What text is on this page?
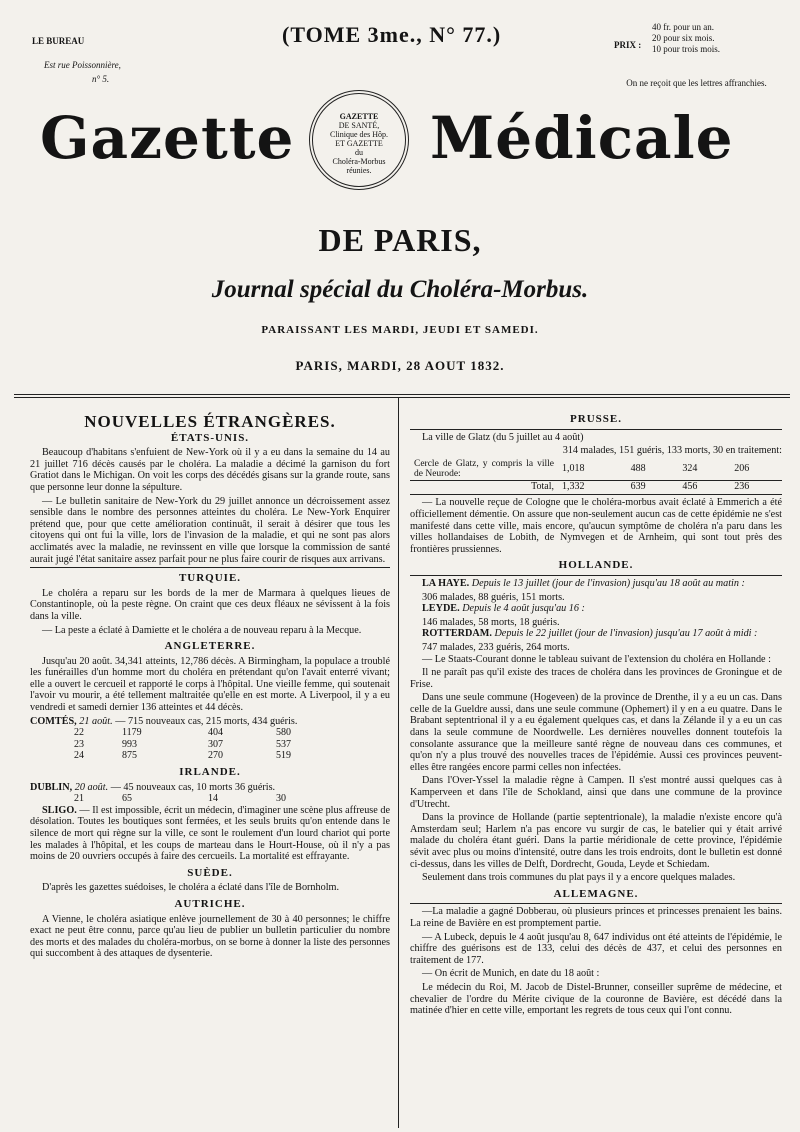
LE BUREAU
Est rue Poissonnière,
n° 5.
(TOME 3me., N° 77.)	PRIX :
40 fr. pour un an.
20 pour six mois.
10 pour trois mois.
On ne reçoit que les lettres affranchies.
Gazette	GAZETTE
DE SANTÉ,
Clinique des Hôp.
ET GAZETTE
du
Choléra-Morbus
réunies.	Médicale
DE PARIS,
Journal spécial du Choléra-Morbus.
PARAISSANT LES MARDI, JEUDI ET SAMEDI.
PARIS, MARDI, 28 AOUT 1832.
NOUVELLES ÉTRANGÈRES.
ÉTATS-UNIS.

Beaucoup d'habitans s'enfuient de New-York où il y a eu dans la semaine du 14 au 21 juillet 716 décès causés par le choléra. La maladie a décimé la garnison du fort Gratiot dans le Michigan. On voit les corps des décédés gisans sur la grande route, sans que personne leur donne la sépulture.

— Le bulletin sanitaire de New-York du 29 juillet annonce un décroissement assez sensible dans le nombre des personnes atteintes du choléra. Le New-York Enquirer prétend que, pour que cette amélioration continuât, il serait à désirer que tous les citoyens qui ont fui la ville, lors de l'invasion de la maladie, et qui ne sont pas alors acclimatés avec la maladie, ne revinssent en ville que lorsque la commission de santé aurait jugé l'état sanitaire assez parfait pour ne plus faire courir de risques aux arrivans.

TURQUIE.

Le choléra a reparu sur les bords de la mer de Marmara à quelques lieues de Constantinople, où la peste règne. On craint que ces deux fléaux ne sévissent à la fois dans la ville.

— La peste a éclaté à Damiette et le choléra a de nouveau reparu à la Mecque.

ANGLETERRE.

Jusqu'au 20 août. 34,341 atteints, 12,786 décès. A Birmingham, la populace a troublé les funérailles d'un homme mort du choléra en prétendant qu'on l'avait enterré vivant; elle a ouvert le cercueil et rapporté le corps à l'hôpital. Une vieille femme, qui soutenait l'avoir vu mourir, a été tellement maltraitée qu'elle en est morte. A Liverpool, il y a eu vendredi et samedi dernier 136 atteintes et 44 décès.

COMTÉS, 21 août. — 715 nouveaux cas, 215 morts, 434 guéris.
22	1179	404	580
23	993	307	537
24	875	270	519
IRLANDE.
DUBLIN, 20 août. — 45 nouveaux cas, 10 morts 36 guéris.
21	65	14	30

SLIGO. — Il est impossible, écrit un médecin, d'imaginer une scène plus affreuse de désolation. Toutes les boutiques sont fermées, et les seuls bruits qu'on entende dans le silence de mort qui règne sur la ville, ce sont le roulement d'un lourd chariot qui porte les malades à l'hôpital, et les coups de marteau dans le Hourt-House, où il n'y a pas moins de 20 ouvriers occupés à faire des cercueils. La mortalité est effrayante.

SUÈDE.

D'après les gazettes suédoises, le choléra a éclaté dans l'île de Bornholm.

AUTRICHE.

A Vienne, le choléra asiatique enlève journellement de 30 à 40 personnes; le chiffre exact ne peut être connu, parce qu'au lieu de publier un bulletin particulier du nombre des morts et des malades du choléra-morbus, on se borne à donner la liste des personnes qui succombent à des attaques de dysenterie.

PRUSSE.

La ville de Glatz (du 5 juillet au 4 août)

314 malades, 151 guéris, 133 morts, 30 en traitement:
Cercle de Glatz, y compris la ville de Neurode:	1,018	488	324	206
Total,	1,332	639	456	236

— La nouvelle reçue de Cologne que le choléra-morbus avait éclaté à Emmerich a été officiellement démentie. On assure que non-seulement aucun cas de cette épidémie ne s'est manifesté dans cette ville, mais encore, qu'aucun symptôme de choléra n'a paru dans les villes hollandaises de Lobith, de Nymvegen et de Arnheim, qui sont tout près des frontières prussiennes.

HOLLANDE.

LA HAYE. Depuis le 13 juillet (jour de l'invasion) jusqu'au 18 août au matin :

306 malades, 88 guéris, 151 morts.

LEYDE. Depuis le 4 août jusqu'au 16 :

146 malades, 58 morts, 18 guéris.

ROTTERDAM. Depuis le 22 juillet (jour de l'invasion) jusqu'au 17 août à midi :

747 malades, 233 guéris, 264 morts.

— Le Staats-Courant donne le tableau suivant de l'extension du choléra en Hollande :

Il ne paraît pas qu'il existe des traces de choléra dans les provinces de Groningue et de Frise.

Dans une seule commune (Hogeveen) de la province de Drenthe, il y a eu un cas. Dans celle de la Gueldre aussi, dans une seule commune (Ophemert) il y en a eu quatre. Dans le Brabant septentrional il y a eu également quelques cas, et dans la Zélande il y a eu un cas dans la seule commune de Noordwelle. Les dernières nouvelles donnent toutefois la consolante assurance que la meilleure santé règne de nouveau dans ces communes, et qu'on n'y a plus trouvé des nouvelles traces de l'épidémie. Aussi ces provinces peuvent-elles être rangées encore parmi celles non infectées.

Dans l'Over-Yssel la maladie règne à Campen. Il s'est montré aussi quelques cas à Kamperveen et dans l'île de Schokland, ainsi que dans une commune de la province d'Utrecht.

Dans la province de Hollande (partie septentrionale), la maladie n'existe encore qu'à Amsterdam seul; Harlem n'a pas encore vu surgir de cas, le batelier qui y était arrivé malade du choléra étant guéri. Dans la partie méridionale de cette province, l'épidémie sévit avec plus ou moins d'intensité, outre dans les trois endroits, dont le bulletin est donné ci-dessus, dans les villes de Delft, Dordrecht, Gouda, Leyde et Schiedam.

Seulement dans trois communes du plat pays il y a encore quelques malades.

ALLEMAGNE.

—La maladie a gagné Dobberau, où plusieurs princes et princesses prenaient les bains. La reine de Bavière en est promptement partie.

— A Lubeck, depuis le 4 août jusqu'au 8, 647 individus ont été atteints de l'épidémie, le chiffre des guérisons est de 133, celui des décès de 437, et celui des personnes en traitement de 177.

— On écrit de Munich, en date du 18 août :

Le médecin du Roi, M. Jacob de Distel-Brunner, conseiller suprême de médecine, et chevalier de l'ordre du Mérite civique de la couronne de Bavière, est décédé dans la matinée d'hier en cette ville, emportant les regrets de tous ceux qui l'ont connu.
